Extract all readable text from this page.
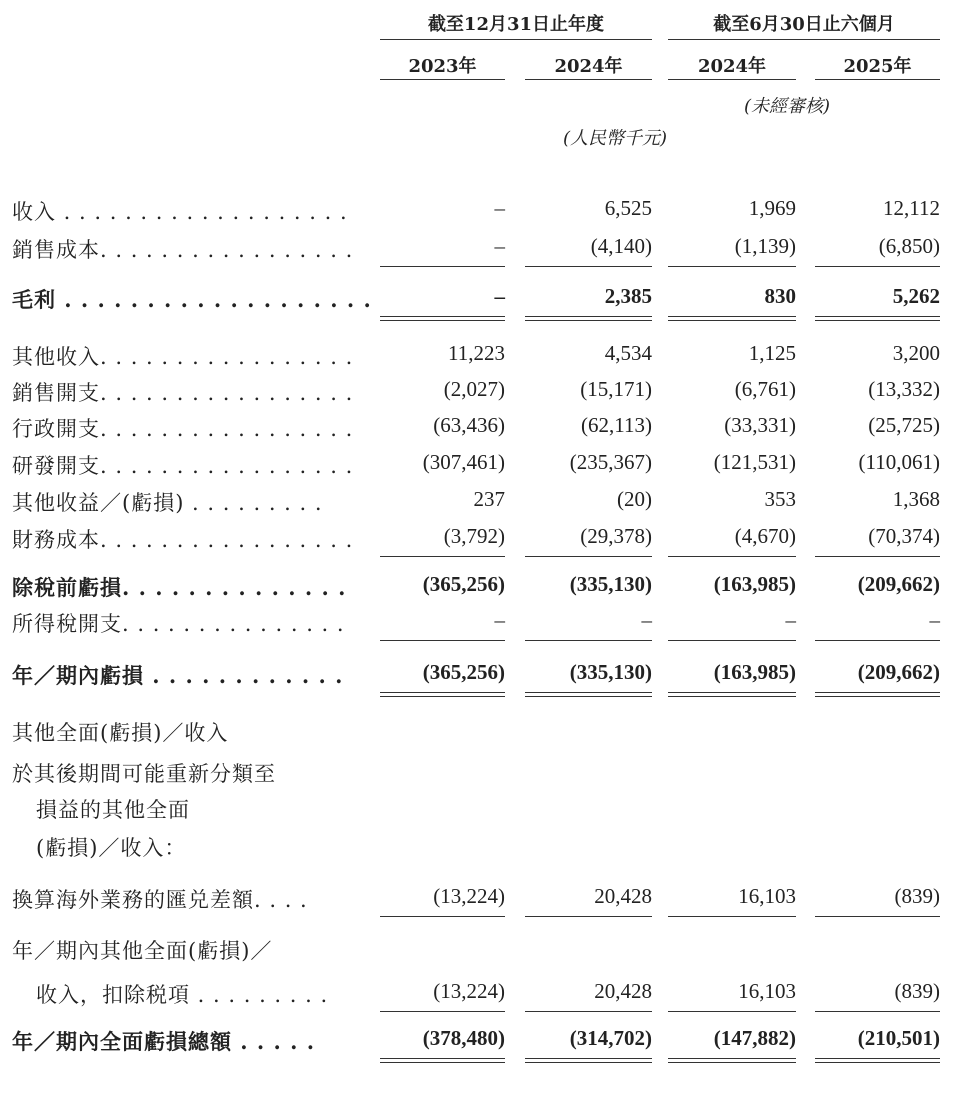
截至12月31日止年度	截至6月30日止六個月
2023年	2024年	2024年	2025年
(未經審核)
(人民幣千元)
收入 . . . . . . . . . . . . . . . . . . .	–	6,525	1,969	12,112
銷售成本. . . . . . . . . . . . . . . . .	–	(4,140)	(1,139)	(6,850)
毛利 . . . . . . . . . . . . . . . . . . .	–	2,385	830	5,262
其他收入. . . . . . . . . . . . . . . . .	11,223	4,534	1,125	3,200
銷售開支. . . . . . . . . . . . . . . . .	(2,027)	(15,171)	(6,761)	(13,332)
行政開支. . . . . . . . . . . . . . . . .	(63,436)	(62,113)	(33,331)	(25,725)
研發開支. . . . . . . . . . . . . . . . .	(307,461)	(235,367)	(121,531)	(110,061)
其他收益／(虧損) . . . . . . . . .	237	(20)	353	1,368
財務成本. . . . . . . . . . . . . . . . .	(3,792)	(29,378)	(4,670)	(70,374)
除稅前虧損. . . . . . . . . . . . . .	(365,256)	(335,130)	(163,985)	(209,662)
所得稅開支. . . . . . . . . . . . . . .	–	–	–	–
年／期內虧損 . . . . . . . . . . . .	(365,256)	(335,130)	(163,985)	(209,662)
其他全面(虧損)／收入
於其後期間可能重新分類至
損益的其他全面
(虧損)／收入：
換算海外業務的匯兑差額. . . .	(13,224)	20,428	16,103	(839)
年／期內其他全面(虧損)／
收入，扣除税項 . . . . . . . . .	(13,224)	20,428	16,103	(839)
年／期內全面虧損總額 . . . . .	(378,480)	(314,702)	(147,882)	(210,501)
